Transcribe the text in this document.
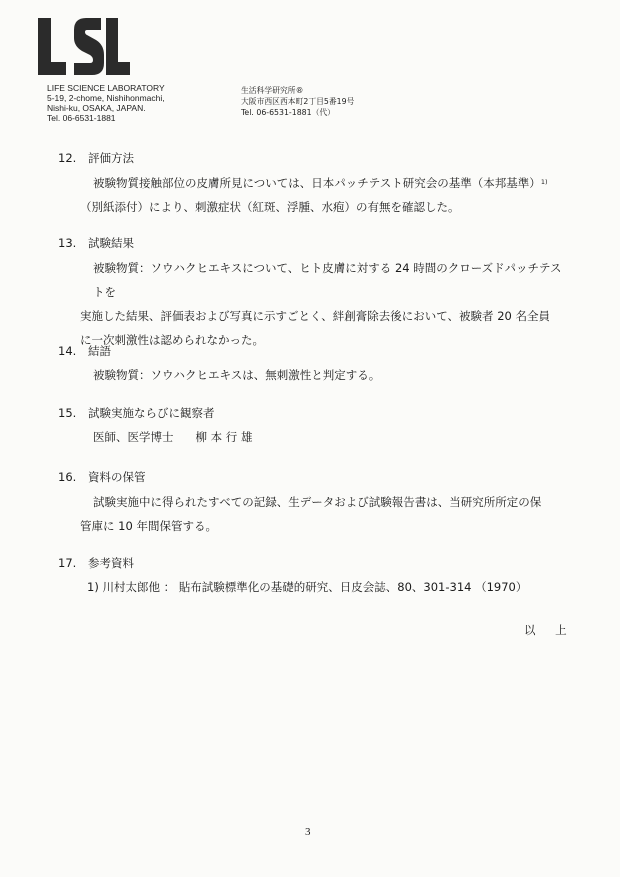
LIFE SCIENCE LABORATORY
5-19, 2-chome, Nishihonmachi,
Nishi-ku, OSAKA, JAPAN.
Tel. 06-6531-1881
生活科学研究所®
大阪市西区西本町2丁目5番19号
Tel. 06-6531-1881（代）
12. 評価方法
被験物質接触部位の皮膚所見については、日本パッチテスト研究会の基準（本邦基準）$^{1)}$
（別紙添付）により、刺激症状（紅斑、浮腫、水疱）の有無を確認した。
13. 試験結果
被験物質：ソウハクヒエキスについて、ヒト皮膚に対する 24 時間のクローズドパッチテストを
実施した結果、評価表および写真に示すごとく、絆創膏除去後において、被験者 20 名全員
に一次刺激性は認められなかった。
14. 結語
被験物質：ソウハクヒエキスは、無刺激性と判定する。
15. 試験実施ならびに観察者
医師、医学博士 柳 本 行 雄
16. 資料の保管
試験実施中に得られたすべての記録、生データおよび試験報告書は、当研究所所定の保
管庫に 10 年間保管する。
17. 参考資料
1) 川村太郎他 ： 貼布試験標準化の基礎的研究、日皮会誌、80、301-314 （1970）
以 上
3
